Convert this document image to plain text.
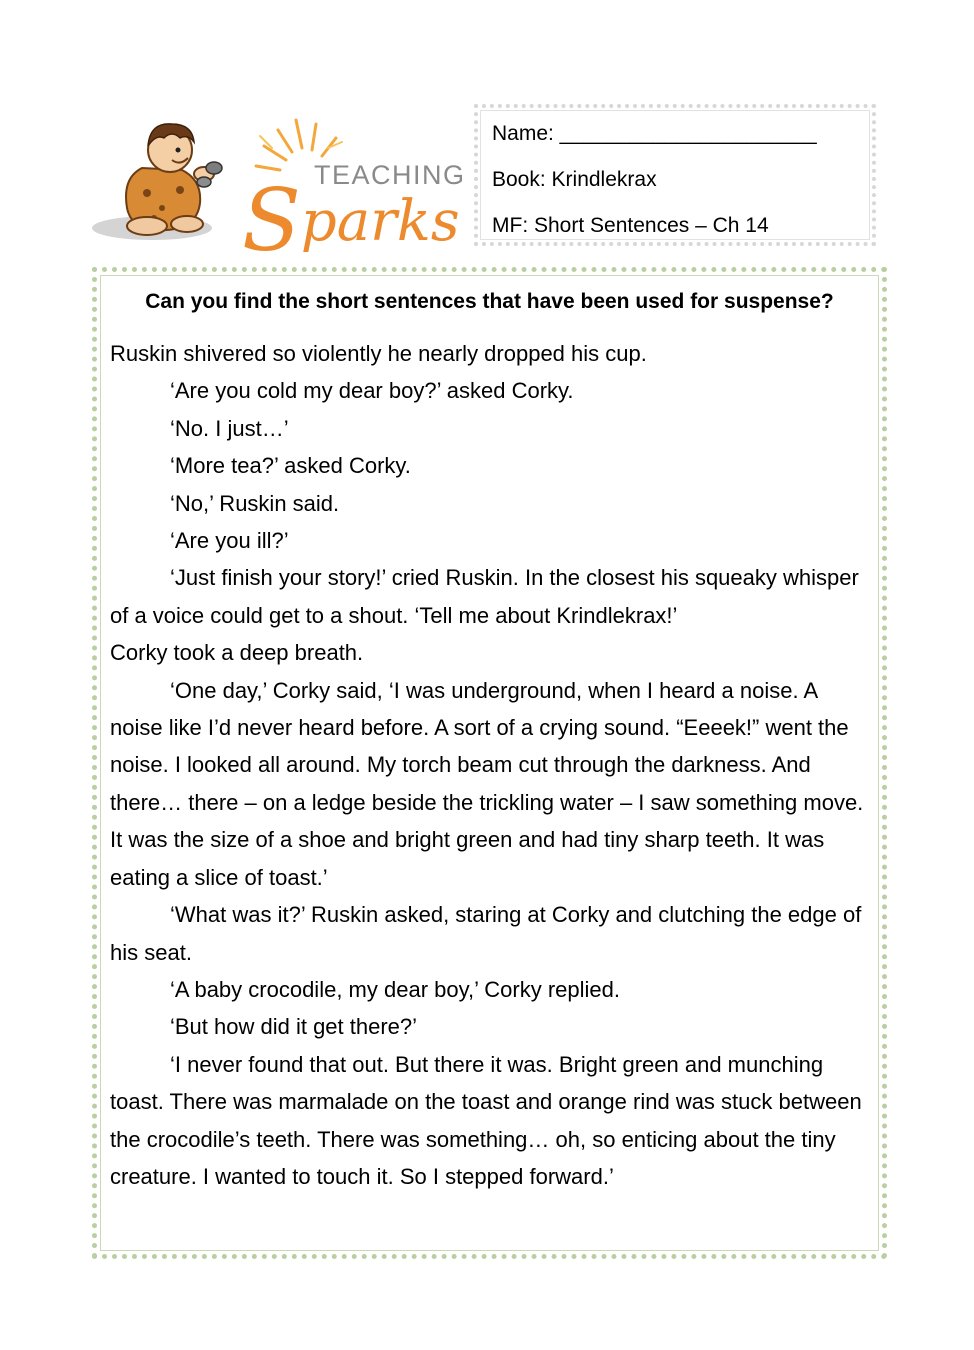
TEACHING
Sparks
Name: ______________________
Book: Krindlekrax
MF: Short Sentences – Ch 14
Can you find the short sentences that have been used for suspense?

Ruskin shivered so violently he nearly dropped his cup.

‘Are you cold my dear boy?’ asked Corky.

‘No. I just…’

‘More tea?’ asked Corky.

‘No,’ Ruskin said.

‘Are you ill?’

‘Just finish your story!’ cried Ruskin. In the closest his squeaky whisper of a voice could get to a shout. ‘Tell me about Krindlekrax!’

Corky took a deep breath.

‘One day,’ Corky said, ‘I was underground, when I heard a noise. A noise like I’d never heard before. A sort of a crying sound. “Eeeek!” went the noise. I looked all around. My torch beam cut through the darkness. And there… there – on a ledge beside the trickling water – I saw something move. It was the size of a shoe and bright green and had tiny sharp teeth. It was eating a slice of toast.’

‘What was it?’ Ruskin asked, staring at Corky and clutching the edge of his seat.

‘A baby crocodile, my dear boy,’ Corky replied.

‘But how did it get there?’

‘I never found that out. But there it was. Bright green and munching toast. There was marmalade on the toast and orange rind was stuck between the crocodile’s teeth. There was something… oh, so enticing about the tiny creature. I wanted to touch it. So I stepped forward.’
